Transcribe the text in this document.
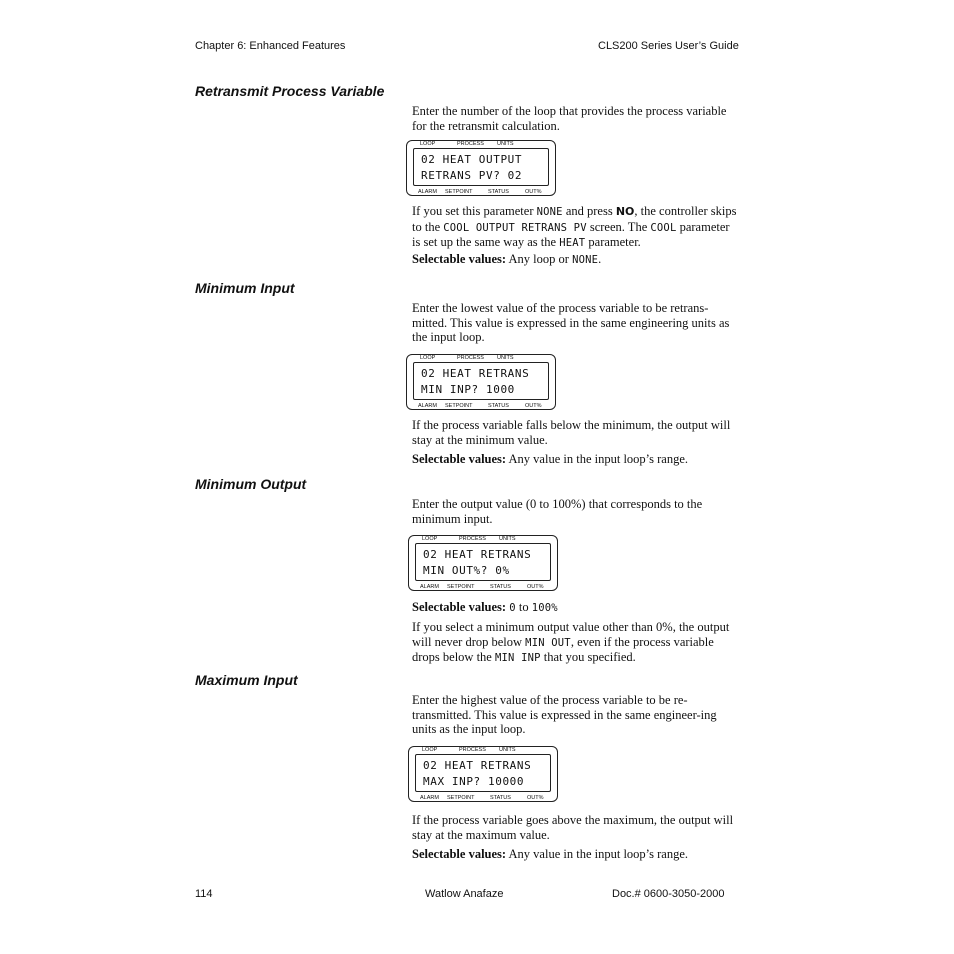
Chapter 6: Enhanced Features	CLS200 Series User’s Guide
Retransmit Process Variable

Enter the number of the loop that provides the process variable for the retransmit calculation.

LOOP	PROCESS UNITS
02 HEAT OUTPUT
RETRANS PV? 02
ALARM SETPOINT	STATUS	OUT%

If you set this parameter NONE and press NO, the controller skips to the COOL OUTPUT RETRANS PV screen. The COOL parameter is set up the same way as the HEAT parameter.

Selectable values: Any loop or NONE.

Minimum Input

Enter the lowest value of the process variable to be retrans-mitted. This value is expressed in the same engineering units as the input loop.

LOOP	PROCESS UNITS
02 HEAT RETRANS
MIN INP? 1000
ALARM SETPOINT	STATUS	OUT%

If the process variable falls below the minimum, the output will stay at the minimum value.

Selectable values: Any value in the input loop’s range.

Minimum Output

Enter the output value (0 to 100%) that corresponds to the minimum input.

LOOP	PROCESS UNITS
02 HEAT RETRANS
MIN OUT%? 0%
ALARM SETPOINT	STATUS	OUT%

Selectable values: 0 to 100%

If you select a minimum output value other than 0%, the output will never drop below MIN OUT, even if the process variable drops below the MIN INP that you specified.

Maximum Input

Enter the highest value of the process variable to be re-transmitted. This value is expressed in the same engineer-ing units as the input loop.

LOOP	PROCESS UNITS
02 HEAT RETRANS
MAX INP? 10000
ALARM SETPOINT	STATUS	OUT%

If the process variable goes above the maximum, the output will stay at the maximum value.

Selectable values: Any value in the input loop’s range.

114	Watlow Anafaze	Doc.# 0600-3050-2000
